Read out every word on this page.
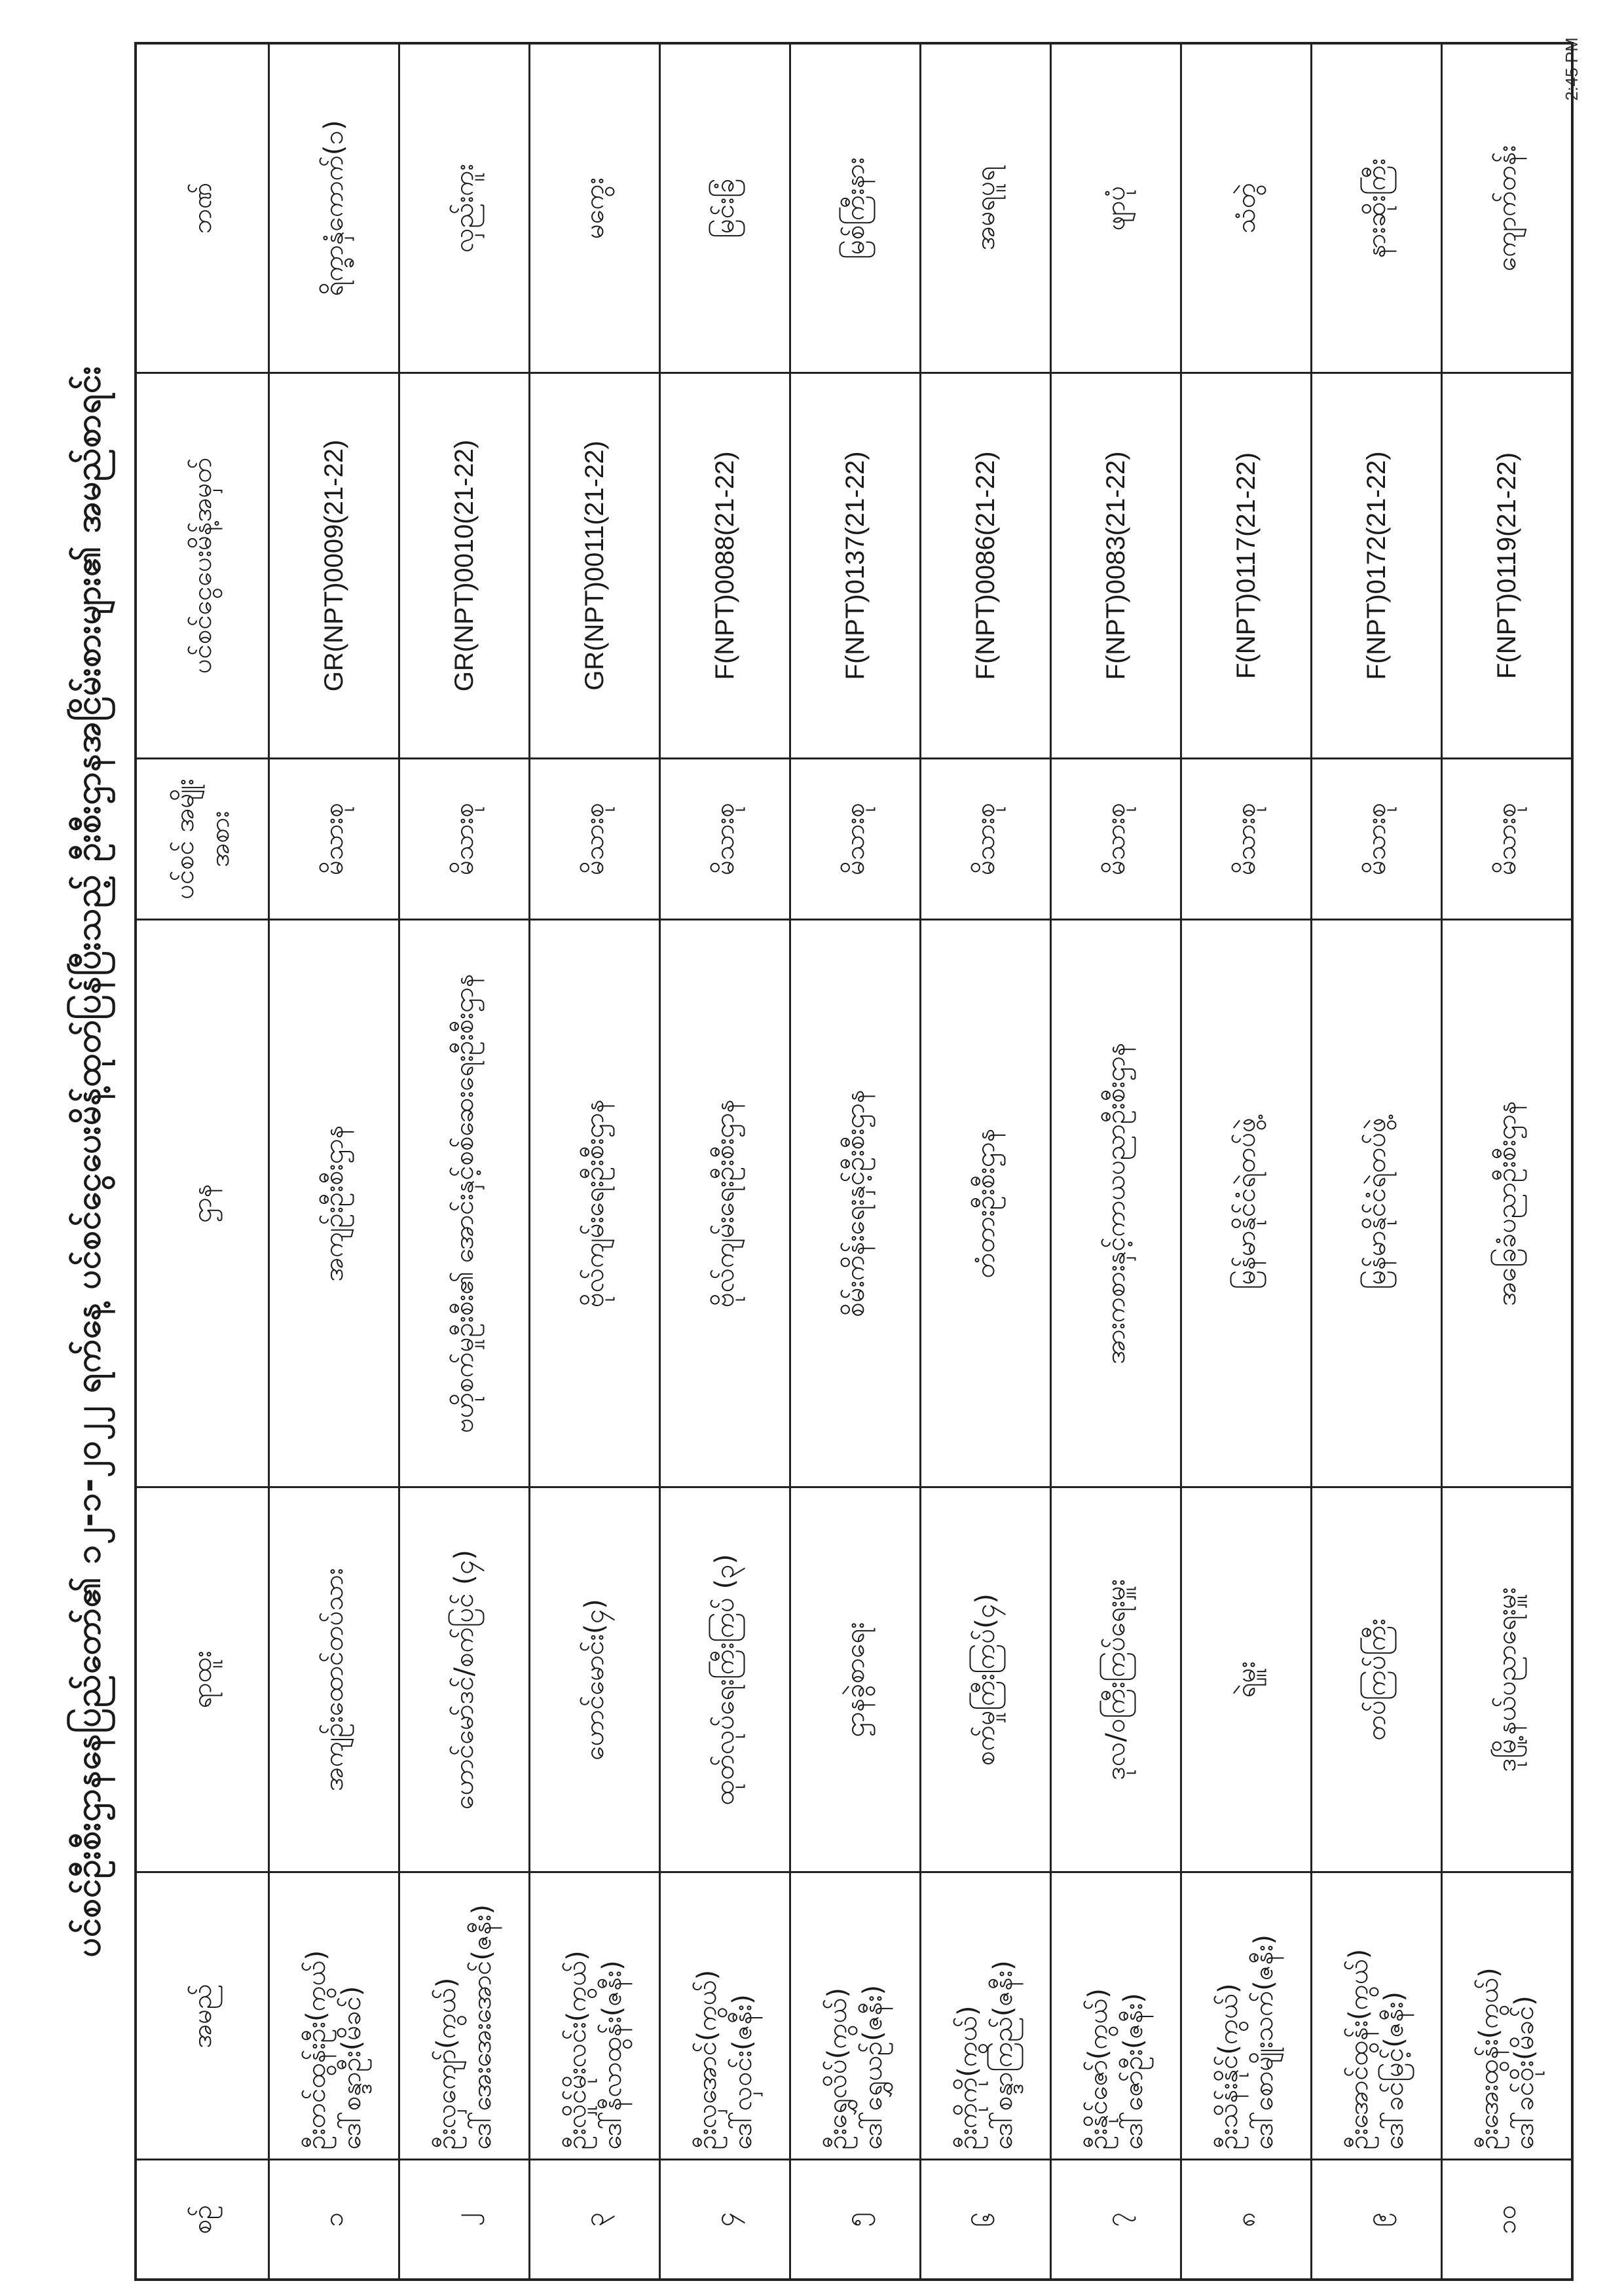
2:45 PM
ပင်စင်ဦးစီးဌာနနေပြည်တော်၏ ၁၂-၁-၂၀၂၂ ရက်နေ့ ပင်စင်ငွေပေးမိန့်ထုတ်ပြန်ပြီးသည့် ဦးစီးဌာနအငြိမ်းစားများ၏ အမည်စာရင်း
စဉ်	အမည်	ရာထူး	ဌာန	ပင်စင် အမျိုးအစား	ပင်စင်ငွေပေးမိန့်အမှတ်	ဘဏ်
၁	ဦးတင်ထွန်းဦး(ကွယ်) ဒေါ်စန္ဒာဦး(မိခင်)	အကျဉ်းထောင်တပ်သား	အကျဉ်းဦးစီးဌာန	မိသားစု	GR(NPT)0009(21-22)	ရိက္ခာနှံကောက်(၁)
၂	ဦးလှကျော်(ကွယ်) ဒေါ်အေးအေးအောင်(ဇနီး)	ဟောင်မော်ဒင်/စက်ပြင် (၄)	ဗဟိုစက်မှုဦးစီး၏ အောင်းနှင့်စစ်ဆေးရေးဦးစီးဌာန	မိသားစု	GR(NPT)0010(21-22)	လှည်းကူး
၃	ဦးလှိုင်မိုးလင်း(ကွယ်) ဒေါ်နီလာထွန်း(ဇနီး)	ဟောင်မောင်း(၄)	ဗိုလ်ကျမ်းရေးဦးစီးဌာန	မိသားစု	GR(NPT)0011(21-22)	မကွေး
၄	ဦးလှအောင်(ကွယ်) ဒေါ်လှဝင်း(ဇနီး)	ထုတ်လုပ်ရေးကြီးကြပ် (၃)	ဗိုလ်ကျမ်းရေးဦးစီးဌာန	မိသားစု	F(NPT)0088(21-22)	မြင်းခြံ
၅	ဦးရွှေလိပ်(ကွယ်) ဒေါ်ရွှေယဉ်(ဇနီး)	ဌာနခွဲစာရေး	စိမ်းကိန်းရေးနှင့်ဦးစီးဌာန	မိသားစု	F(NPT)0137(21-22)	မြစ်ကြီးနား
၆	ဦးကိုကို(ကွယ်) ဒေါ်စန္ဒာကြည်(ဇနီး)	စက်မှုကြီးကြပ်(၄)	တံတားဦးစီးဌာန	မိသားစု	F(NPT)0086(21-22)	အမရပူရ
၇	ဦးနိုင်ဇော်(ကွယ်) ဒေါ်ဇော်ဦး(ဇနီး)	ဒုလ/ဝကြီးကြပ်ရေးမှူး	အားကစားနှင့်ကာယပညာဦးစီးဌာန	မိသားစု	F(NPT)0083(21-22)	ဖျာပုံ
၈	ဦးသိန်းနိုင်(ကွယ်) ဒေါ်စောမျိုးသက်(ဇနီး)	ရဲမှူး	မြန်မာနိုင်ငံရဲတပ်ဖွဲ့	မိသားစု	F(NPT)0117(21-22)	သံတွဲ
၉	ဦးအောင်ထွန်း(ကွယ်) ဒေါ်ခင်မြင့်(ဇနီး)	တပ်ကြပ်ကြီး	မြန်မာနိုင်ငံရဲတပ်ဖွဲ့	မိသားစု	F(NPT)0172(21-22)	နားဆိုးကြီး
၁၀	ဦးအေးထွန်း(ကွယ်) ဒေါ်ခင်ဝိုး(မိခင်)	ဒုမြို့နယ်ပညာရေးမှူး	အခြေခံပညာဦးစီးဌာန	မိသားစု	F(NPT)0119(21-22)	ကျောက်တန်း
